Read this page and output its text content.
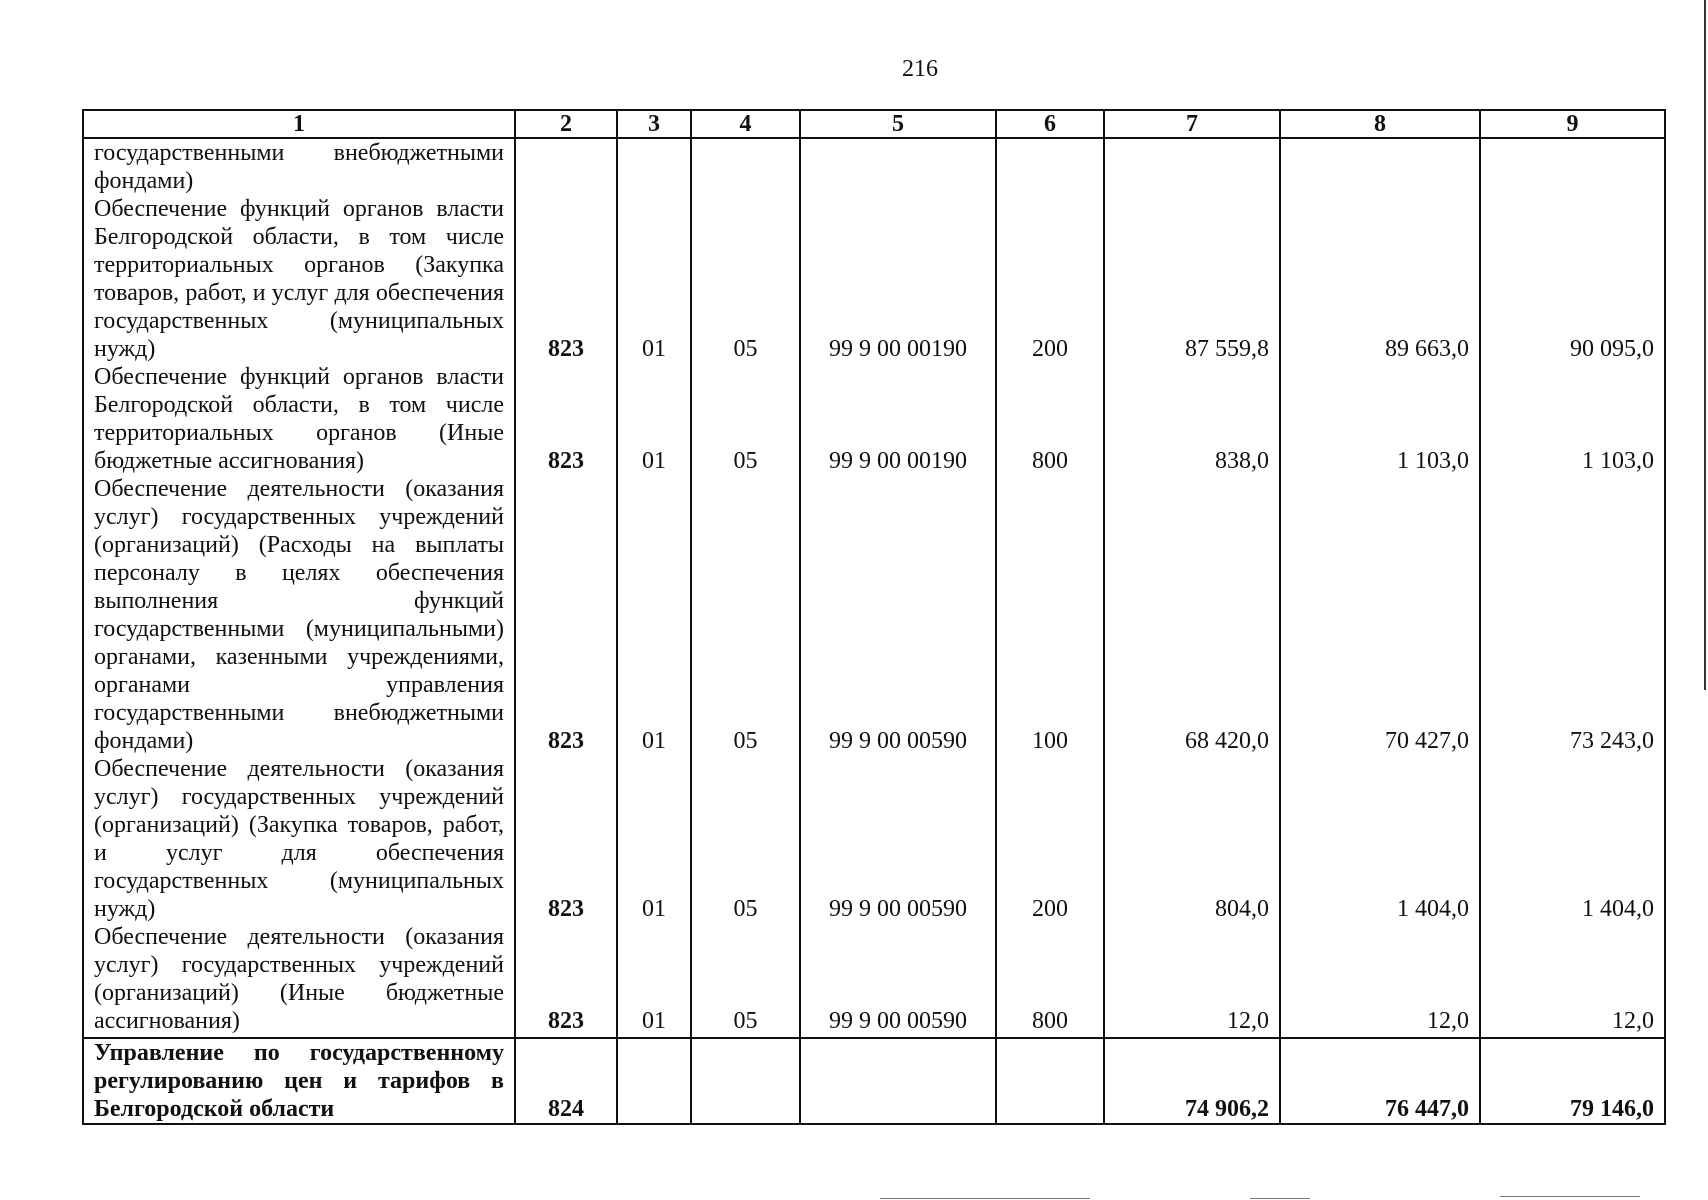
216
1	2	3	4	5	6	7	8	9
государственными внебюджетными фондами)								
Обеспечение функций органов власти Белгородской области, в том числе территориальных органов (Закупка товаров, работ, и услуг для обеспечения государственных (муниципальных нужд)	823	01	05	99 9 00 00190	200	87 559,8	89 663,0	90 095,0
Обеспечение функций органов власти Белгородской области, в том числе территориальных органов (Иные бюджетные ассигнования)	823	01	05	99 9 00 00190	800	838,0	1 103,0	1 103,0
Обеспечение деятельности (оказания услуг) государственных учреждений (организаций) (Расходы на выплаты персоналу в целях обеспечения выполнения функций государственными (муниципальными) органами, казенными учреждениями, органами управления государственными внебюджетными фондами)	823	01	05	99 9 00 00590	100	68 420,0	70 427,0	73 243,0
Обеспечение деятельности (оказания услуг) государственных учреждений (организаций) (Закупка товаров, работ, и услуг для обеспечения государственных (муниципальных нужд)	823	01	05	99 9 00 00590	200	804,0	1 404,0	1 404,0
Обеспечение деятельности (оказания услуг) государственных учреждений (организаций) (Иные бюджетные ассигнования)	823	01	05	99 9 00 00590	800	12,0	12,0	12,0
Управление по государственному регулированию цен и тарифов в Белгородской области	824					74 906,2	76 447,0	79 146,0
